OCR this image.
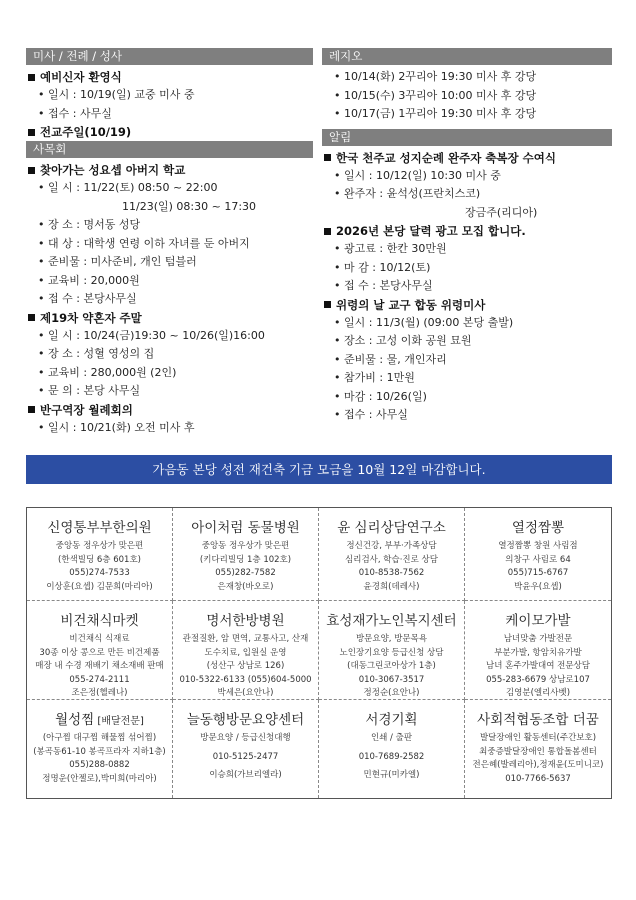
미사 / 전례 / 성사
예비신자 환영식
• 일시 : 10/19(일) 교중 미사 중
• 접수 : 사무실
전교주일(10/19)
사목회
찾아가는 성요셉 아버지 학교
• 일 시 : 11/22(토) 08:50 ~ 22:00
11/23(일) 08:30 ~ 17:30
• 장 소 : 명서동 성당
• 대 상 : 대학생 연령 이하 자녀를 둔 아버지
• 준비물 : 미사준비, 개인 텀블러
• 교육비 : 20,000원
• 접 수 : 본당사무실
제19차 약혼자 주말
• 일 시 : 10/24(금)19:30 ~ 10/26(일)16:00
• 장 소 : 성혈 영성의 집
• 교육비 : 280,000원 (2인)
• 문 의 : 본당 사무실
반구역장 월례회의
• 일시 : 10/21(화) 오전 미사 후
레지오
• 10/14(화) 2꾸리아 19:30 미사 후 강당
• 10/15(수) 3꾸리아 10:00 미사 후 강당
• 10/17(금) 1꾸리아 19:30 미사 후 강당
알림
한국 천주교 성지순례 완주자 축복장 수여식
• 일시 : 10/12(일) 10:30 미사 중
• 완주자 : 윤석성(프란치스코)
장금주(리디아)
2026년 본당 달력 광고 모집 합니다.
• 광고료 : 한칸 30만원
• 마 감 : 10/12(토)
• 접 수 : 본당사무실
위령의 날 교구 합동 위령미사
• 일시 : 11/3(월) (09:00 본당 출발)
• 장소 : 고성 이화 공원 묘원
• 준비물 : 물, 개인자리
• 참가비 : 1만원
• 마감 : 10/26(일)
• 접수 : 사무실
가음동 본당 성전 재건축 기금 모금을 10월 12일 마감합니다.
신영통부부한의원
중앙동 정우상가 맞은편
(한색빌딩 6층 601호)
055)274-7533
이상훈(요셉) 김문희(마리아)
아이처럼 동물병원
중앙동 정우상가 맞은편
(키다리빌딩 1층 102호)
055)282-7582
은재창(바오로)
윤 심리상담연구소
정신건강, 부부·가족상담
심리검사, 학습·진로 상담
010-8538-7562
윤경희(데레사)
열정짬뽕
열정짬뽕 창원 사림점
의창구 사림로 64
055)715-6767
박윤우(요셉)
비건채식마켓
비건채식 식재료
30종 이상 콩으로 만든 비건제품
매장 내 수경 재배기 채소재배 판매
055-274-2111
조은정(헬레나)
명서한방병원
관절질환, 암 면역, 교통사고, 산재
도수치료, 입원실 운영
(성산구 상남로 126)
010-5322-6133 (055)604-5000
박세은(요안나)
효성재가노인복지센터
방문요양, 방문목욕
노인장기요양 등급신청 상담
(대동그린코아상가 1층)
010-3067-3517
정정순(요안나)
케이모가발
남녀맞춤 가발전문
부분가발, 항암치유가발
남녀 혼주가발대여 전문상담
055-283-6679 상남로107
김영분(엘리사벳)
월성찜 [배달전문]
(아구찜 대구찜 해물찜 섞어찜)
(봉곡동61-10 봉곡프라자 지하1층)
055)288-0882
정명운(안젤로),박미희(마리아)
늘동행방문요양센터
방문요양 / 등급신청대행
010-5125-2477
이승희(가브리엘라)
서경기획
인쇄 / 출판
010-7689-2582
민현규(미카엘)
사회적협동조합 더꿈
발달장애인 활동센터(주간보호)
최중증발달장애인 통합돌봄센터
전은혜(발레리아),정재윤(도미니코)
010-7766-5637
